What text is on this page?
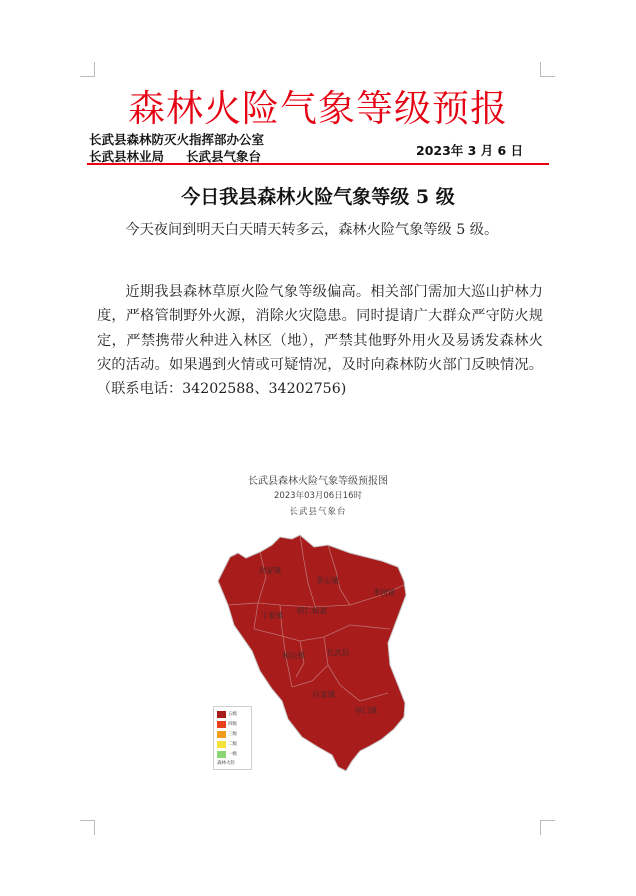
森林火险气象等级预报
长武县森林防灭火指挥部办公室
长武县林业局 长武县气象台	2023年 3 月 6 日
今日我县森林火险气象等级 5 级

今天夜间到明天白天晴天转多云，森林火险气象等级 5 级。

近期我县森林草原火险气象等级偏高。相关部门需加大巡山护林力度，严格管制野外火源，消除火灾隐患。同时提请广大群众严守防火规定，严禁携带火种进入林区（地），严禁其他野外用火及易诱发森林火灾的活动。如果遇到火情或可疑情况，及时向森林防火部门反映情况。（联系电话：34202588、34202756)

长武县森林火险气象等级预报图
2023年03月06日16时
长武县气象台
洪家镇
彭公镇
枣园镇
丁家镇
昭仁街道
相公镇	长武县
巨家镇
亭口镇
五级
四级
三级
二级
一级
森林火险
